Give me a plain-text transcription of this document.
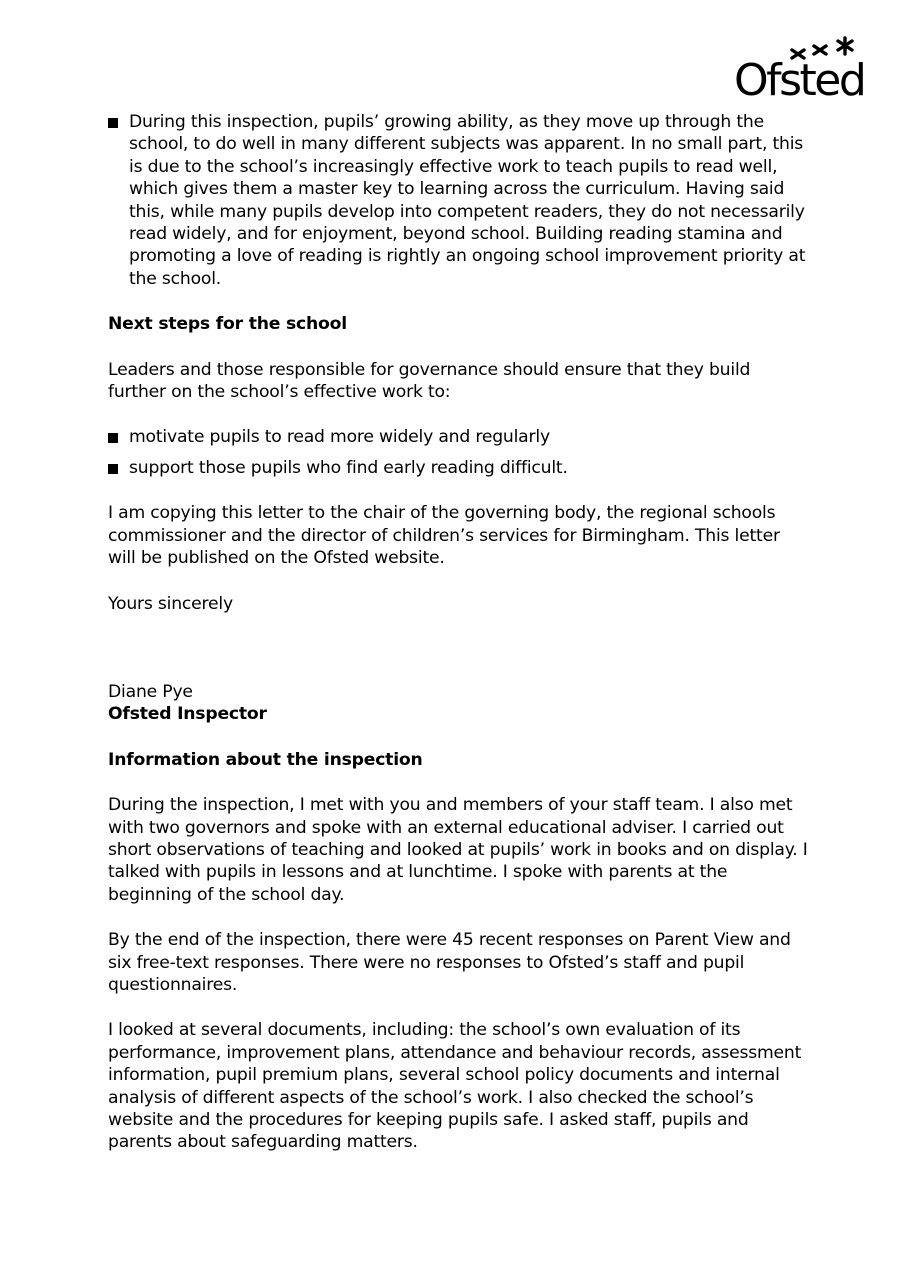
Ofsted

During this inspection, pupils’ growing ability, as they move up through the school, to do well in many different subjects was apparent. In no small part, this is due to the school’s increasingly effective work to teach pupils to read well, which gives them a master key to learning across the curriculum. Having said this, while many pupils develop into competent readers, they do not necessarily read widely, and for enjoyment, beyond school. Building reading stamina and promoting a love of reading is rightly an ongoing school improvement priority at the school.

Next steps for the school

Leaders and those responsible for governance should ensure that they build further on the school’s effective work to:

motivate pupils to read more widely and regularly

support those pupils who find early reading difficult.

I am copying this letter to the chair of the governing body, the regional schools commissioner and the director of children’s services for Birmingham. This letter will be published on the Ofsted website.

Yours sincerely

Diane Pye

Ofsted Inspector

Information about the inspection

During the inspection, I met with you and members of your staff team. I also met with two governors and spoke with an external educational adviser. I carried out short observations of teaching and looked at pupils’ work in books and on display. I talked with pupils in lessons and at lunchtime. I spoke with parents at the beginning of the school day.

By the end of the inspection, there were 45 recent responses on Parent View and six free-text responses. There were no responses to Ofsted’s staff and pupil questionnaires.

I looked at several documents, including: the school’s own evaluation of its performance, improvement plans, attendance and behaviour records, assessment information, pupil premium plans, several school policy documents and internal analysis of different aspects of the school’s work. I also checked the school’s website and the procedures for keeping pupils safe. I asked staff, pupils and parents about safeguarding matters.
